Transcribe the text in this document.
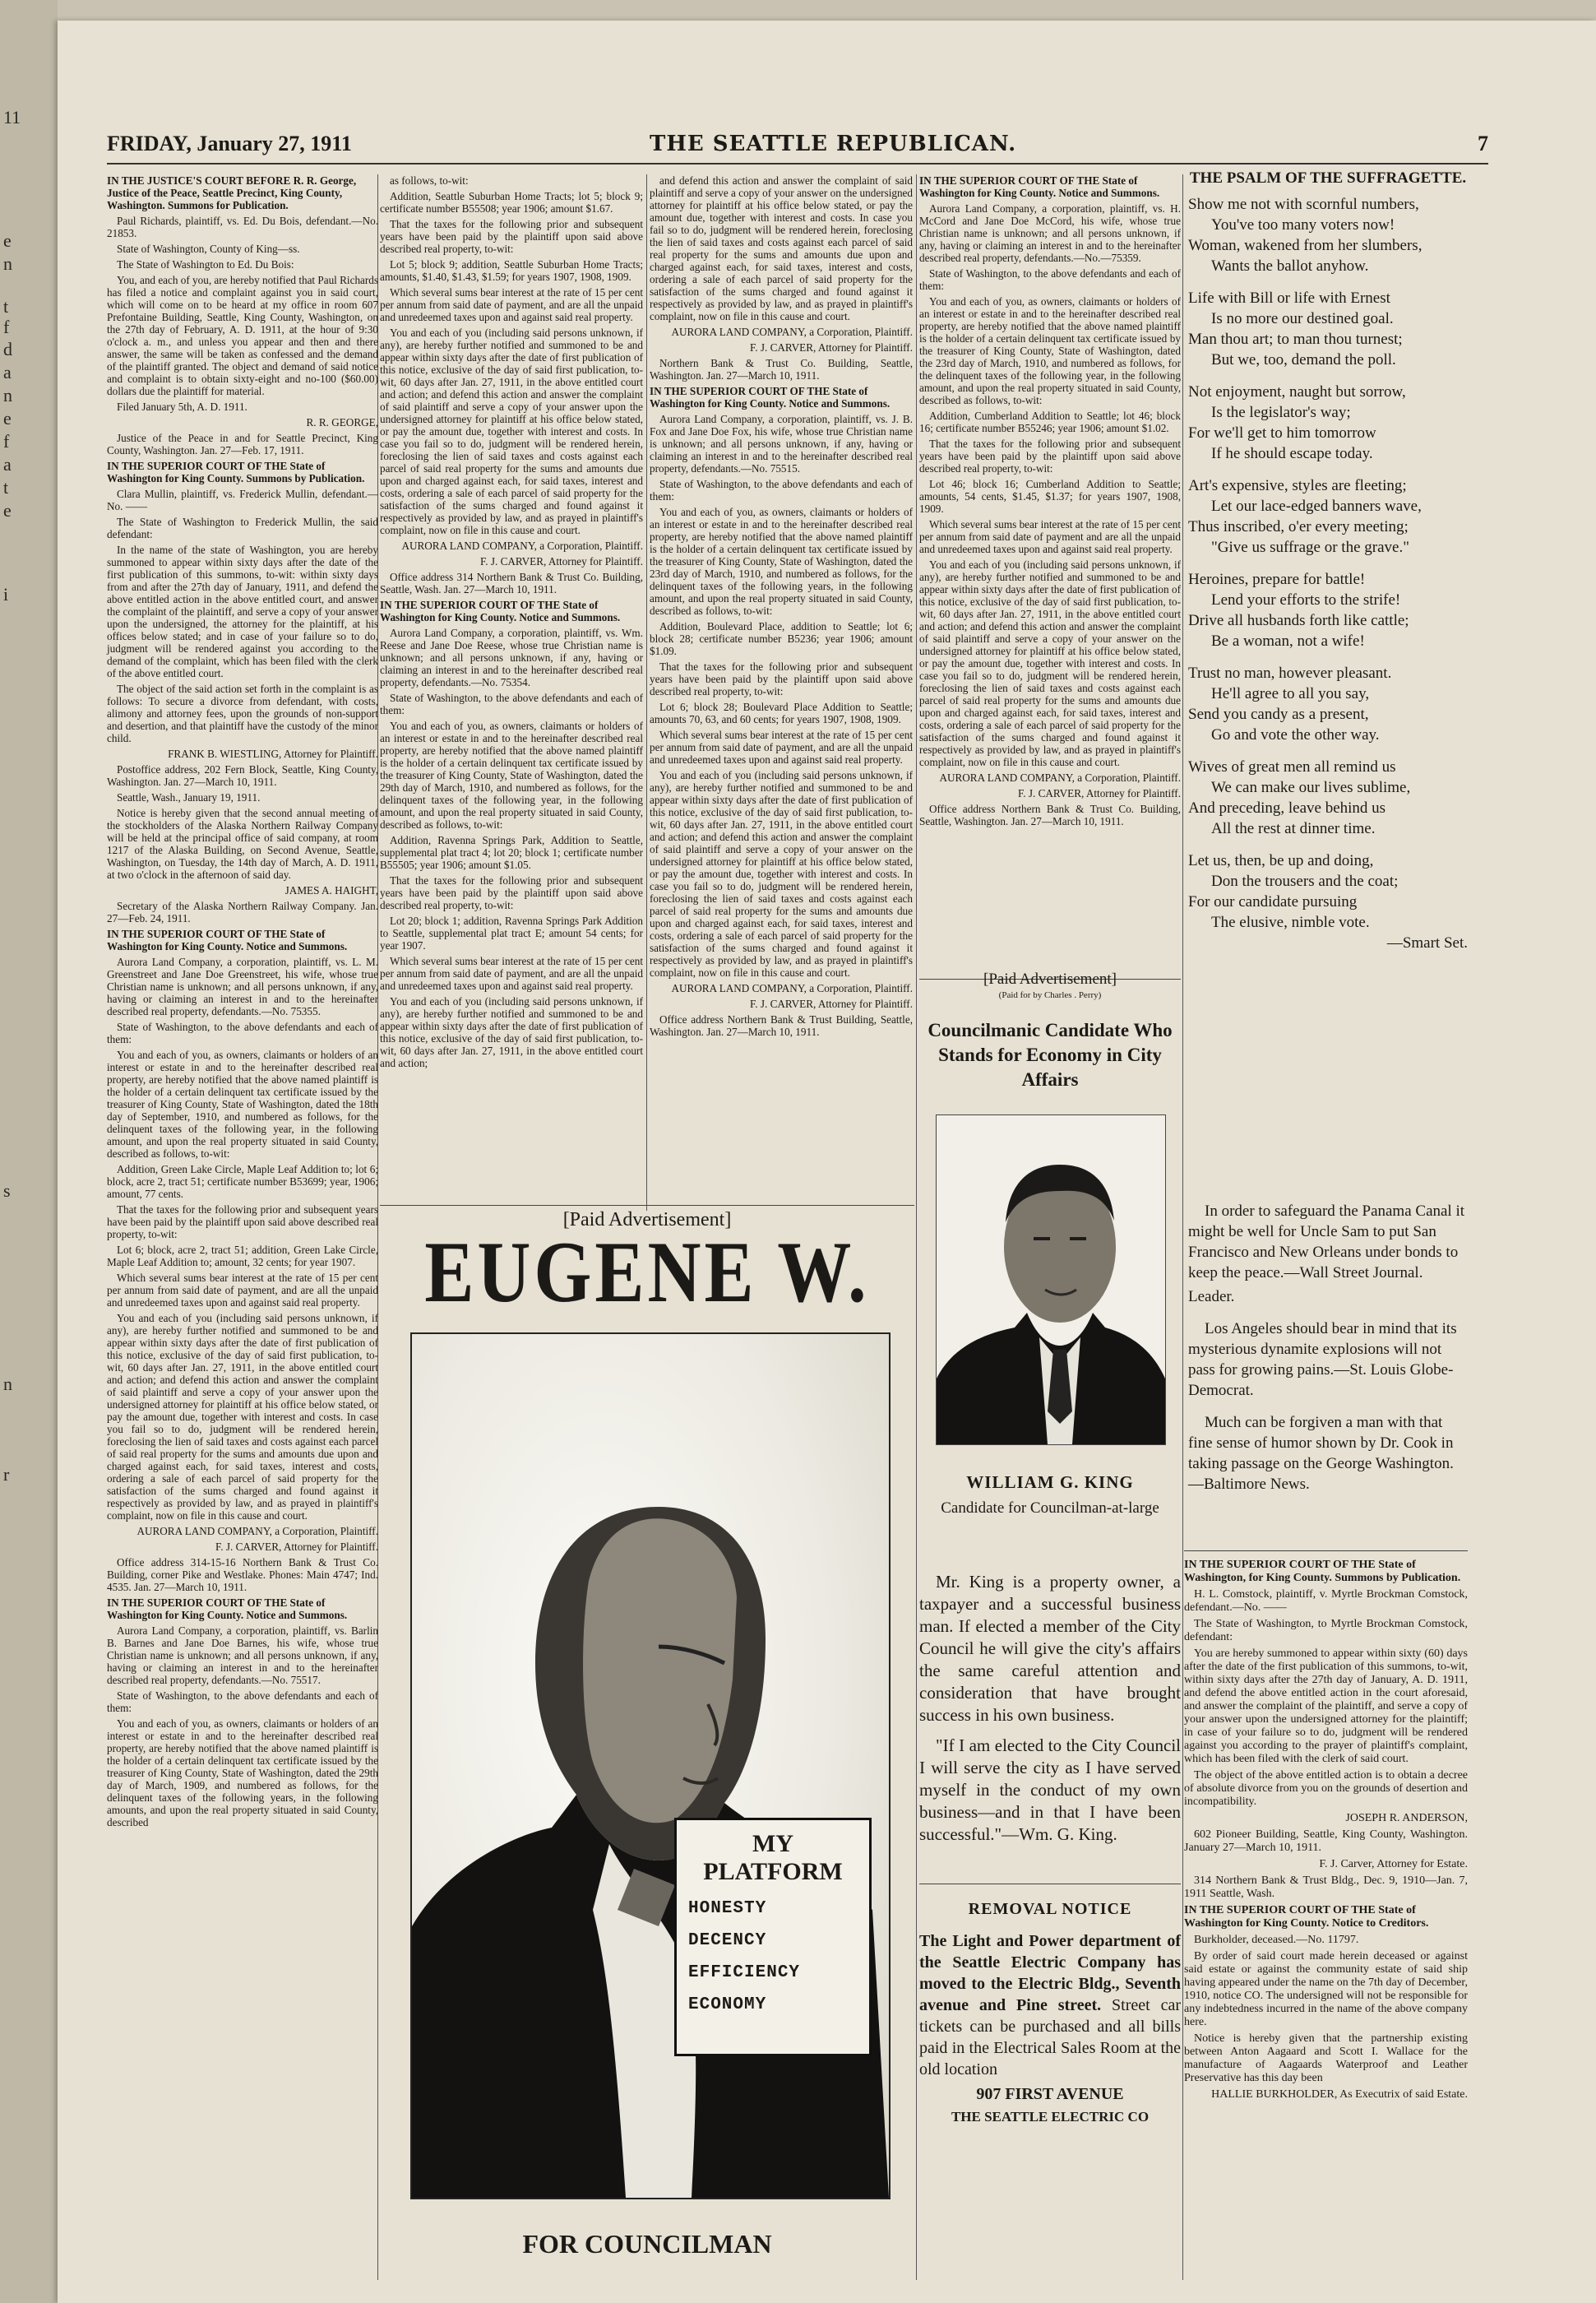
11
e
n
t
f
d
a
n
e
f
a
t
e
i
s
n
r
FRIDAY, January 27, 1911	THE SEATTLE REPUBLICAN.	7

IN THE JUSTICE'S COURT BEFORE R. R. George, Justice of the Peace, Seattle Precinct, King County, Washington. Summons for Publication.

Paul Richards, plaintiff, vs. Ed. Du Bois, defendant.—No. 21853.

State of Washington, County of King—ss.

The State of Washington to Ed. Du Bois:

You, and each of you, are hereby notified that Paul Richards has filed a notice and complaint against you in said court, which will come on to be heard at my office in room 607 Prefontaine Building, Seattle, King County, Washington, on the 27th day of February, A. D. 1911, at the hour of 9:30 o'clock a. m., and unless you appear and then and there answer, the same will be taken as confessed and the demand of the plaintiff granted. The object and demand of said notice and complaint is to obtain sixty-eight and no-100 ($60.00) dollars due the plaintiff for material.

Filed January 5th, A. D. 1911.

R. R. GEORGE,

Justice of the Peace in and for Seattle Precinct, King County, Washington. Jan. 27—Feb. 17, 1911.

IN THE SUPERIOR COURT OF THE State of Washington for King County. Summons by Publication.

Clara Mullin, plaintiff, vs. Frederick Mullin, defendant.—No. ——

The State of Washington to Frederick Mullin, the said defendant:

In the name of the state of Washington, you are hereby summoned to appear within sixty days after the date of the first publication of this summons, to-wit: within sixty days from and after the 27th day of January, 1911, and defend the above entitled action in the above entitled court, and answer the complaint of the plaintiff, and serve a copy of your answer upon the undersigned, the attorney for the plaintiff, at his offices below stated; and in case of your failure so to do, judgment will be rendered against you according to the demand of the complaint, which has been filed with the clerk of the above entitled court.

The object of the said action set forth in the complaint is as follows: To secure a divorce from defendant, with costs, alimony and attorney fees, upon the grounds of non-support and desertion, and that plaintiff have the custody of the minor child.

FRANK B. WIESTLING, Attorney for Plaintiff.

Postoffice address, 202 Fern Block, Seattle, King County, Washington. Jan. 27—March 10, 1911.

Seattle, Wash., January 19, 1911.

Notice is hereby given that the second annual meeting of the stockholders of the Alaska Northern Railway Company will be held at the principal office of said company, at room 1217 of the Alaska Building, on Second Avenue, Seattle, Washington, on Tuesday, the 14th day of March, A. D. 1911, at two o'clock in the afternoon of said day.

JAMES A. HAIGHT,

Secretary of the Alaska Northern Railway Company. Jan. 27—Feb. 24, 1911.

IN THE SUPERIOR COURT OF THE State of Washington for King County. Notice and Summons.

Aurora Land Company, a corporation, plaintiff, vs. L. M. Greenstreet and Jane Doe Greenstreet, his wife, whose true Christian name is unknown; and all persons unknown, if any, having or claiming an interest in and to the hereinafter described real property, defendants.—No. 75355.

State of Washington, to the above defendants and each of them:

You and each of you, as owners, claimants or holders of an interest or estate in and to the hereinafter described real property, are hereby notified that the above named plaintiff is the holder of a certain delinquent tax certificate issued by the treasurer of King County, State of Washington, dated the 18th day of September, 1910, and numbered as follows, for the delinquent taxes of the following year, in the following amount, and upon the real property situated in said County, described as follows, to-wit:

Addition, Green Lake Circle, Maple Leaf Addition to; lot 6; block, acre 2, tract 51; certificate number B53699; year, 1906; amount, 77 cents.

That the taxes for the following prior and subsequent years have been paid by the plaintiff upon said above described real property, to-wit:

Lot 6; block, acre 2, tract 51; addition, Green Lake Circle, Maple Leaf Addition to; amount, 32 cents; for year 1907.

Which several sums bear interest at the rate of 15 per cent per annum from said date of payment, and are all the unpaid and unredeemed taxes upon and against said real property.

You and each of you (including said persons unknown, if any), are hereby further notified and summoned to be and appear within sixty days after the date of first publication of this notice, exclusive of the day of said first publication, to-wit, 60 days after Jan. 27, 1911, in the above entitled court and action; and defend this action and answer the complaint of said plaintiff and serve a copy of your answer upon the undersigned attorney for plaintiff at his office below stated, or pay the amount due, together with interest and costs. In case you fail so to do, judgment will be rendered herein, foreclosing the lien of said taxes and costs against each parcel of said real property for the sums and amounts due upon and charged against each, for said taxes, interest and costs, ordering a sale of each parcel of said property for the satisfaction of the sums charged and found against it respectively as provided by law, and as prayed in plaintiff's complaint, now on file in this cause and court.

AURORA LAND COMPANY, a Corporation, Plaintiff.

F. J. CARVER, Attorney for Plaintiff.

Office address 314-15-16 Northern Bank & Trust Co. Building, corner Pike and Westlake. Phones: Main 4747; Ind. 4535. Jan. 27—March 10, 1911.

IN THE SUPERIOR COURT OF THE State of Washington for King County. Notice and Summons.

Aurora Land Company, a corporation, plaintiff, vs. Barlin B. Barnes and Jane Doe Barnes, his wife, whose true Christian name is unknown; and all persons unknown, if any, having or claiming an interest in and to the hereinafter described real property, defendants.—No. 75517.

State of Washington, to the above defendants and each of them:

You and each of you, as owners, claimants or holders of an interest or estate in and to the hereinafter described real property, are hereby notified that the above named plaintiff is the holder of a certain delinquent tax certificate issued by the treasurer of King County, State of Washington, dated the 29th day of March, 1909, and numbered as follows, for the delinquent taxes of the following years, in the following amounts, and upon the real property situated in said County, described

as follows, to-wit:

Addition, Seattle Suburban Home Tracts; lot 5; block 9; certificate number B55508; year 1906; amount $1.67.

That the taxes for the following prior and subsequent years have been paid by the plaintiff upon said above described real property, to-wit:

Lot 5; block 9; addition, Seattle Suburban Home Tracts; amounts, $1.40, $1.43, $1.59; for years 1907, 1908, 1909.

Which several sums bear interest at the rate of 15 per cent per annum from said date of payment, and are all the unpaid and unredeemed taxes upon and against said real property.

You and each of you (including said persons unknown, if any), are hereby further notified and summoned to be and appear within sixty days after the date of first publication of this notice, exclusive of the day of said first publication, to-wit, 60 days after Jan. 27, 1911, in the above entitled court and action; and defend this action and answer the complaint of said plaintiff and serve a copy of your answer upon the undersigned attorney for plaintiff at his office below stated, or pay the amount due, together with interest and costs. In case you fail so to do, judgment will be rendered herein, foreclosing the lien of said taxes and costs against each parcel of said real property for the sums and amounts due upon and charged against each, for said taxes, interest and costs, ordering a sale of each parcel of said property for the satisfaction of the sums charged and found against it respectively as provided by law, and as prayed in plaintiff's complaint, now on file in this cause and court.

AURORA LAND COMPANY, a Corporation, Plaintiff.

F. J. CARVER, Attorney for Plaintiff.

Office address 314 Northern Bank & Trust Co. Building, Seattle, Wash. Jan. 27—March 10, 1911.

IN THE SUPERIOR COURT OF THE State of Washington for King County. Notice and Summons.

Aurora Land Company, a corporation, plaintiff, vs. Wm. Reese and Jane Doe Reese, whose true Christian name is unknown; and all persons unknown, if any, having or claiming an interest in and to the hereinafter described real property, defendants.—No. 75354.

State of Washington, to the above defendants and each of them:

You and each of you, as owners, claimants or holders of an interest or estate in and to the hereinafter described real property, are hereby notified that the above named plaintiff is the holder of a certain delinquent tax certificate issued by the treasurer of King County, State of Washington, dated the 29th day of March, 1910, and numbered as follows, for the delinquent taxes of the following year, in the following amount, and upon the real property situated in said County, described as follows, to-wit:

Addition, Ravenna Springs Park, Addition to Seattle, supplemental plat tract 4; lot 20; block 1; certificate number B55505; year 1906; amount $1.05.

That the taxes for the following prior and subsequent years have been paid by the plaintiff upon said above described real property, to-wit:

Lot 20; block 1; addition, Ravenna Springs Park Addition to Seattle, supplemental plat tract E; amount 54 cents; for year 1907.

Which several sums bear interest at the rate of 15 per cent per annum from said date of payment, and are all the unpaid and unredeemed taxes upon and against said real property.

You and each of you (including said persons unknown, if any), are hereby further notified and summoned to be and appear within sixty days after the date of first publication of this notice, exclusive of the day of said first publication, to-wit, 60 days after Jan. 27, 1911, in the above entitled court and action;

and defend this action and answer the complaint of said plaintiff and serve a copy of your answer on the undersigned attorney for plaintiff at his office below stated, or pay the amount due, together with interest and costs. In case you fail so to do, judgment will be rendered herein, foreclosing the lien of said taxes and costs against each parcel of said real property for the sums and amounts due upon and charged against each, for said taxes, interest and costs, ordering a sale of each parcel of said property for the satisfaction of the sums charged and found against it respectively as provided by law, and as prayed in plaintiff's complaint, now on file in this cause and court.

AURORA LAND COMPANY, a Corporation, Plaintiff.

F. J. CARVER, Attorney for Plaintiff.

Northern Bank & Trust Co. Building, Seattle, Washington. Jan. 27—March 10, 1911.

IN THE SUPERIOR COURT OF THE State of Washington for King County. Notice and Summons.

Aurora Land Company, a corporation, plaintiff, vs. J. B. Fox and Jane Doe Fox, his wife, whose true Christian name is unknown; and all persons unknown, if any, having or claiming an interest in and to the hereinafter described real property, defendants.—No. 75515.

State of Washington, to the above defendants and each of them:

You and each of you, as owners, claimants or holders of an interest or estate in and to the hereinafter described real property, are hereby notified that the above named plaintiff is the holder of a certain delinquent tax certificate issued by the treasurer of King County, State of Washington, dated the 23rd day of March, 1910, and numbered as follows, for the delinquent taxes of the following years, in the following amount, and upon the real property situated in said County, described as follows, to-wit:

Addition, Boulevard Place, addition to Seattle; lot 6; block 28; certificate number B5236; year 1906; amount $1.09.

That the taxes for the following prior and subsequent years have been paid by the plaintiff upon said above described real property, to-wit:

Lot 6; block 28; Boulevard Place Addition to Seattle; amounts 70, 63, and 60 cents; for years 1907, 1908, 1909.

Which several sums bear interest at the rate of 15 per cent per annum from said date of payment, and are all the unpaid and unredeemed taxes upon and against said real property.

You and each of you (including said persons unknown, if any), are hereby further notified and summoned to be and appear within sixty days after the date of first publication of this notice, exclusive of the day of said first publication, to-wit, 60 days after Jan. 27, 1911, in the above entitled court and action; and defend this action and answer the complaint of said plaintiff and serve a copy of your answer on the undersigned attorney for plaintiff at his office below stated, or pay the amount due, together with interest and costs. In case you fail so to do, judgment will be rendered herein, foreclosing the lien of said taxes and costs against each parcel of said real property for the sums and amounts due upon and charged against each, for said taxes, interest and costs, ordering a sale of each parcel of said property for the satisfaction of the sums charged and found against it respectively as provided by law, and as prayed in plaintiff's complaint, now on file in this cause and court.

AURORA LAND COMPANY, a Corporation, Plaintiff.

F. J. CARVER, Attorney for Plaintiff.

Office address Northern Bank & Trust Building, Seattle, Washington. Jan. 27—March 10, 1911.

IN THE SUPERIOR COURT OF THE State of Washington for King County. Notice and Summons.

Aurora Land Company, a corporation, plaintiff, vs. H. McCord and Jane Doe McCord, his wife, whose true Christian name is unknown; and all persons unknown, if any, having or claiming an interest in and to the hereinafter described real property, defendants.—No.—75359.

State of Washington, to the above defendants and each of them:

You and each of you, as owners, claimants or holders of an interest or estate in and to the hereinafter described real property, are hereby notified that the above named plaintiff is the holder of a certain delinquent tax certificate issued by the treasurer of King County, State of Washington, dated the 23rd day of March, 1910, and numbered as follows, for the delinquent taxes of the following year, in the following amount, and upon the real property situated in said County, described as follows, to-wit:

Addition, Cumberland Addition to Seattle; lot 46; block 16; certificate number B55246; year 1906; amount $1.02.

That the taxes for the following prior and subsequent years have been paid by the plaintiff upon said above described real property, to-wit:

Lot 46; block 16; Cumberland Addition to Seattle; amounts, 54 cents, $1.45, $1.37; for years 1907, 1908, 1909.

Which several sums bear interest at the rate of 15 per cent per annum from said date of payment and are all the unpaid and unredeemed taxes upon and against said real property.

You and each of you (including said persons unknown, if any), are hereby further notified and summoned to be and appear within sixty days after the date of first publication of this notice, exclusive of the day of said first publication, to-wit, 60 days after Jan. 27, 1911, in the above entitled court and action; and defend this action and answer the complaint of said plaintiff and serve a copy of your answer on the undersigned attorney for plaintiff at his office below stated, or pay the amount due, together with interest and costs. In case you fail so to do, judgment will be rendered herein, foreclosing the lien of said taxes and costs against each parcel of said real property for the sums and amounts due upon and charged against each, for said taxes, interest and costs, ordering a sale of each parcel of said property for the satisfaction of the sums charged and found against it respectively as provided by law, and as prayed in plaintiff's complaint, now on file in this cause and court.

AURORA LAND COMPANY, a Corporation, Plaintiff.

F. J. CARVER, Attorney for Plaintiff.

Office address Northern Bank & Trust Co. Building, Seattle, Washington. Jan. 27—March 10, 1911.

[Paid Advertisement]
EUGENE W.
FOR COUNCILMAN
MY PLATFORM
HONESTY
DECENCY
EFFICIENCY
ECONOMY
[Paid Advertisement]
(Paid for by Charles . Perry)
Councilmanic Candidate Who Stands for Economy in City Affairs
WILLIAM G. KING
Candidate for Councilman-at-large

Mr. King is a property owner, a taxpayer and a successful business man. If elected a member of the City Council he will give the city's affairs the same careful attention and consideration that have brought success in his own business.

"If I am elected to the City Council I will serve the city as I have served myself in the conduct of my own business—and in that I have been successful."—Wm. G. King.

REMOVAL NOTICE
The Light and Power department of the Seattle Electric Company has moved to the Electric Bldg., Seventh avenue and Pine street. Street car tickets can be purchased and all bills paid in the Electrical Sales Room at the old location
907 FIRST AVENUE
THE SEATTLE ELECTRIC CO
THE PSALM OF THE SUFFRAGETTE.
Show me not with scornful numbers,
You've too many voters now!
Woman, wakened from her slumbers,
Wants the ballot anyhow.
Life with Bill or life with Ernest
Is no more our destined goal.
Man thou art; to man thou turnest;
But we, too, demand the poll.
Not enjoyment, naught but sorrow,
Is the legislator's way;
For we'll get to him tomorrow
If he should escape today.
Art's expensive, styles are fleeting;
Let our lace-edged banners wave,
Thus inscribed, o'er every meeting;
"Give us suffrage or the grave."
Heroines, prepare for battle!
Lend your efforts to the strife!
Drive all husbands forth like cattle;
Be a woman, not a wife!
Trust no man, however pleasant.
He'll agree to all you say,
Send you candy as a present,
Go and vote the other way.
Wives of great men all remind us
We can make our lives sublime,
And preceding, leave behind us
All the rest at dinner time.
Let us, then, be up and doing,
Don the trousers and the coat;
For our candidate pursuing
The elusive, nimble vote.
—Smart Set.

In order to safeguard the Panama Canal it might be well for Uncle Sam to put San Francisco and New Orleans under bonds to keep the peace.—Wall Street Journal.

Leader.

Los Angeles should bear in mind that its mysterious dynamite explosions will not pass for growing pains.—St. Louis Globe-Democrat.

Much can be forgiven a man with that fine sense of humor shown by Dr. Cook in taking passage on the George Washington.—Baltimore News.

IN THE SUPERIOR COURT OF THE State of Washington, for King County. Summons by Publication.

H. L. Comstock, plaintiff, v. Myrtle Brockman Comstock, defendant.—No. ——

The State of Washington, to Myrtle Brockman Comstock, defendant:

You are hereby summoned to appear within sixty (60) days after the date of the first publication of this summons, to-wit, within sixty days after the 27th day of January, A. D. 1911, and defend the above entitled action in the court aforesaid, and answer the complaint of the plaintiff, and serve a copy of your answer upon the undersigned attorney for the plaintiff; in case of your failure so to do, judgment will be rendered against you according to the prayer of plaintiff's complaint, which has been filed with the clerk of said court.

The object of the above entitled action is to obtain a decree of absolute divorce from you on the grounds of desertion and incompatibility.

JOSEPH R. ANDERSON,

602 Pioneer Building, Seattle, King County, Washington. January 27—March 10, 1911.

F. J. Carver, Attorney for Estate.

314 Northern Bank & Trust Bldg., Dec. 9, 1910—Jan. 7, 1911 Seattle, Wash.

IN THE SUPERIOR COURT OF THE State of Washington for King County. Notice to Creditors.

Burkholder, deceased.—No. 11797.

By order of said court made herein deceased or against said estate or against the community estate of said ship having appeared under the name on the 7th day of December, 1910, notice CO. The undersigned will not be responsible for any indebtedness incurred in the name of the above company here.

Notice is hereby given that the partnership existing between Anton Aagaard and Scott I. Wallace for the manufacture of Aagaards Waterproof and Leather Preservative has this day been

HALLIE BURKHOLDER, As Executrix of said Estate.
